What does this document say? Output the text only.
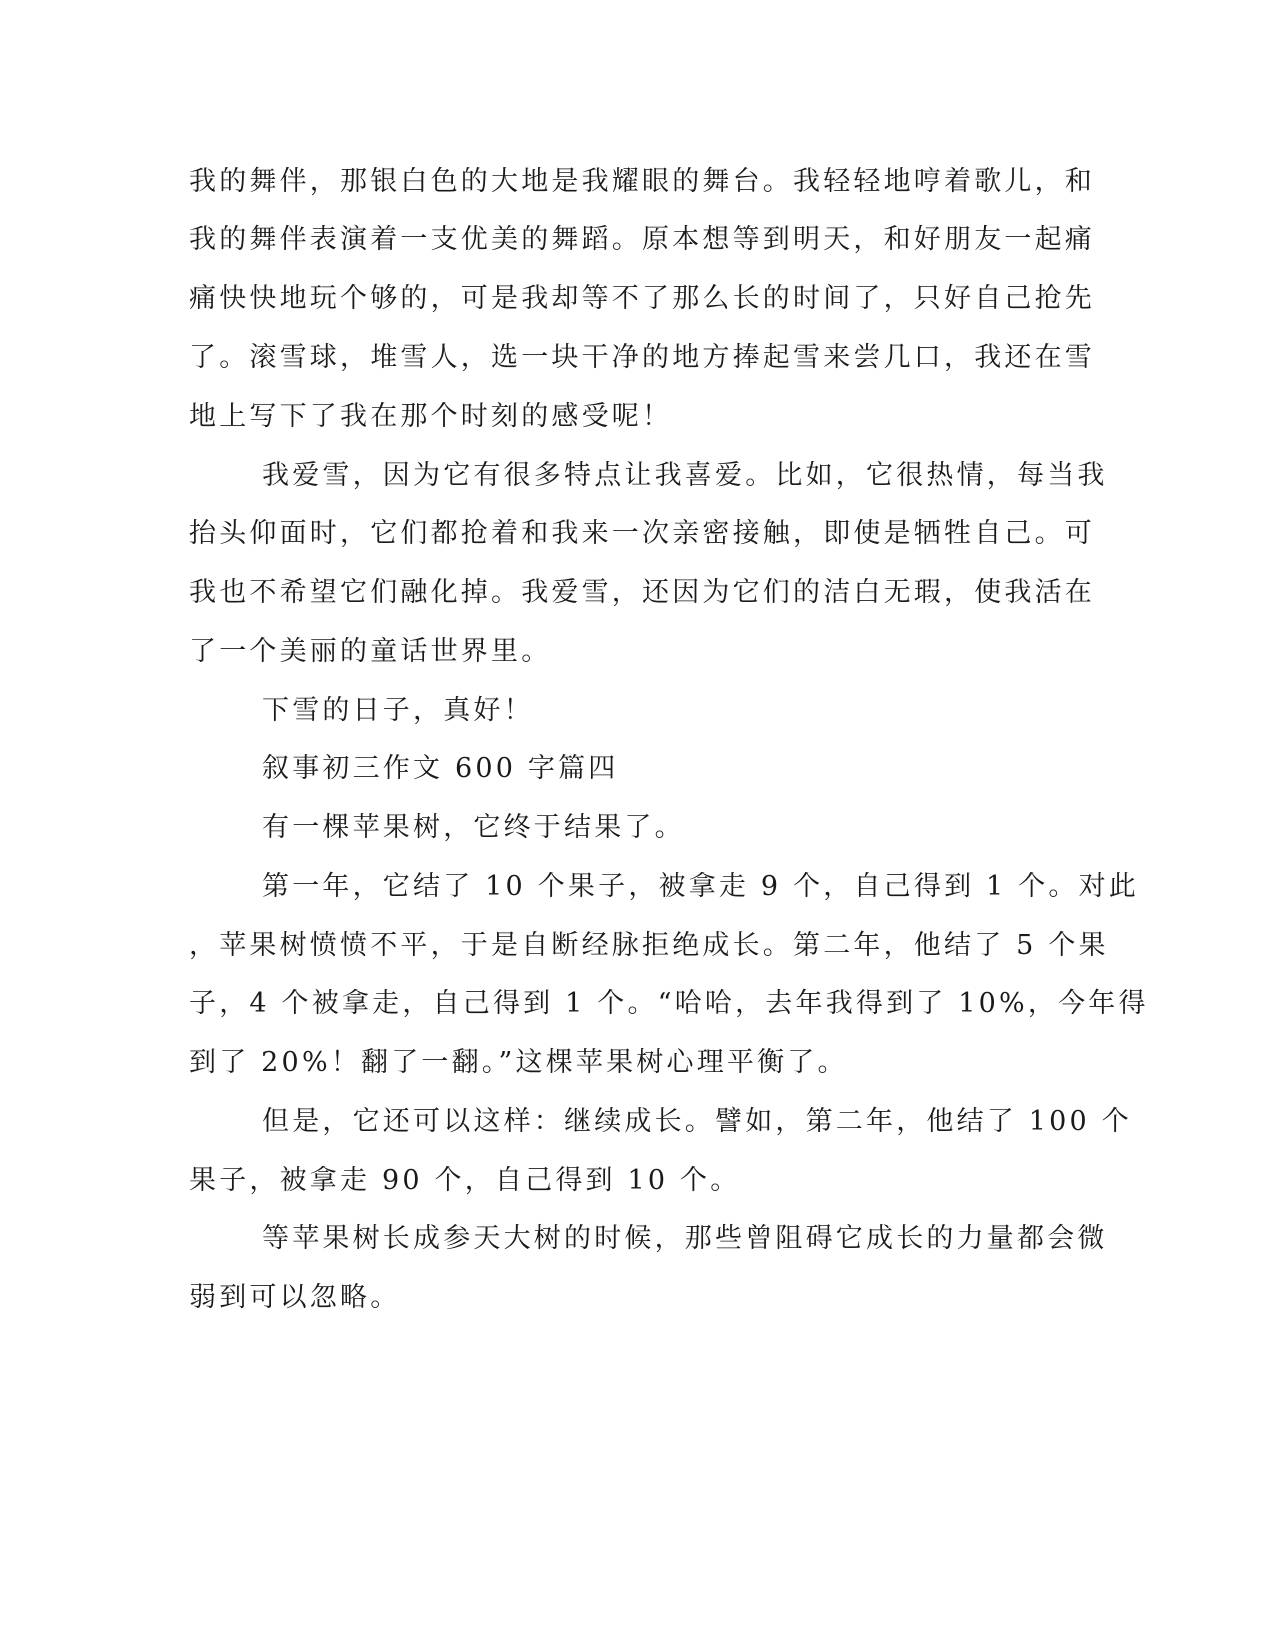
我的舞伴，那银白色的大地是我耀眼的舞台。我轻轻地哼着歌儿，和
我的舞伴表演着一支优美的舞蹈。原本想等到明天，和好朋友一起痛
痛快快地玩个够的，可是我却等不了那么长的时间了，只好自己抢先
了。滚雪球，堆雪人，选一块干净的地方捧起雪来尝几口，我还在雪
地上写下了我在那个时刻的感受呢！
我爱雪，因为它有很多特点让我喜爱。比如，它很热情，每当我
抬头仰面时，它们都抢着和我来一次亲密接触，即使是牺牲自己。可
我也不希望它们融化掉。我爱雪，还因为它们的洁白无瑕，使我活在
了一个美丽的童话世界里。
下雪的日子，真好！
叙事初三作文 600 字篇四
有一棵苹果树，它终于结果了。
第一年，它结了 10 个果子，被拿走 9 个，自己得到 1 个。对此
，苹果树愤愤不平，于是自断经脉拒绝成长。第二年，他结了 5 个果
子，4 个被拿走，自己得到 1 个。“哈哈，去年我得到了 10%，今年得
到了 20%！翻了一翻。”这棵苹果树心理平衡了。
但是，它还可以这样：继续成长。譬如，第二年，他结了 100 个
果子，被拿走 90 个，自己得到 10 个。
等苹果树长成参天大树的时候，那些曾阻碍它成长的力量都会微
弱到可以忽略。
